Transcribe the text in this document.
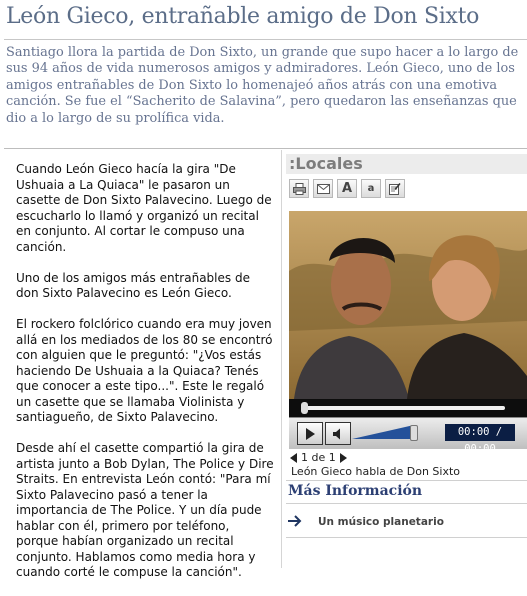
León Gieco, entrañable amigo de Don Sixto
Santiago llora la partida de Don Sixto, un grande que supo hacer a lo largo de sus 94 años de vida numerosos amigos y admiradores. León Gieco, uno de los amigos entrañables de Don Sixto lo homenajeó años atrás con una emotiva canción. Se fue el “Sacherito de Salavina”, pero quedaron las enseñanzas que dio a lo largo de su prolífica vida.

Cuando León Gieco hacía la gira "De Ushuaia a La Quiaca" le pasaron un casette de Don Sixto Palavecino. Luego de escucharlo lo llamó y organizó un recital en conjunto. Al cortar le compuso una canción.

Uno de los amigos más entrañables de don Sixto Palavecino es León Gieco.

El rockero folclórico cuando era muy joven allá en los mediados de los 80 se encontró con alguien que le preguntó: "¿Vos estás haciendo De Ushuaia a la Quiaca? Tenés que conocer a este tipo...". Este le regaló un casette que se llamaba Violinista y santiagueño, de Sixto Palavecino.

Desde ahí el casette compartió la gira de artista junto a Bob Dylan, The Police y Dire Straits. En entrevista León contó: "Para mí Sixto Palavecino pasó a tener la importancia de The Police. Y un día pude hablar con él, primero por teléfono, porque habían organizado un recital conjunto. Hablamos como media hora y cuando corté le compuse la canción".

:Locales
A	a
00:00 / 00:00
1 de 1
León Gieco habla de Don Sixto
Más Información
Un músico planetario
